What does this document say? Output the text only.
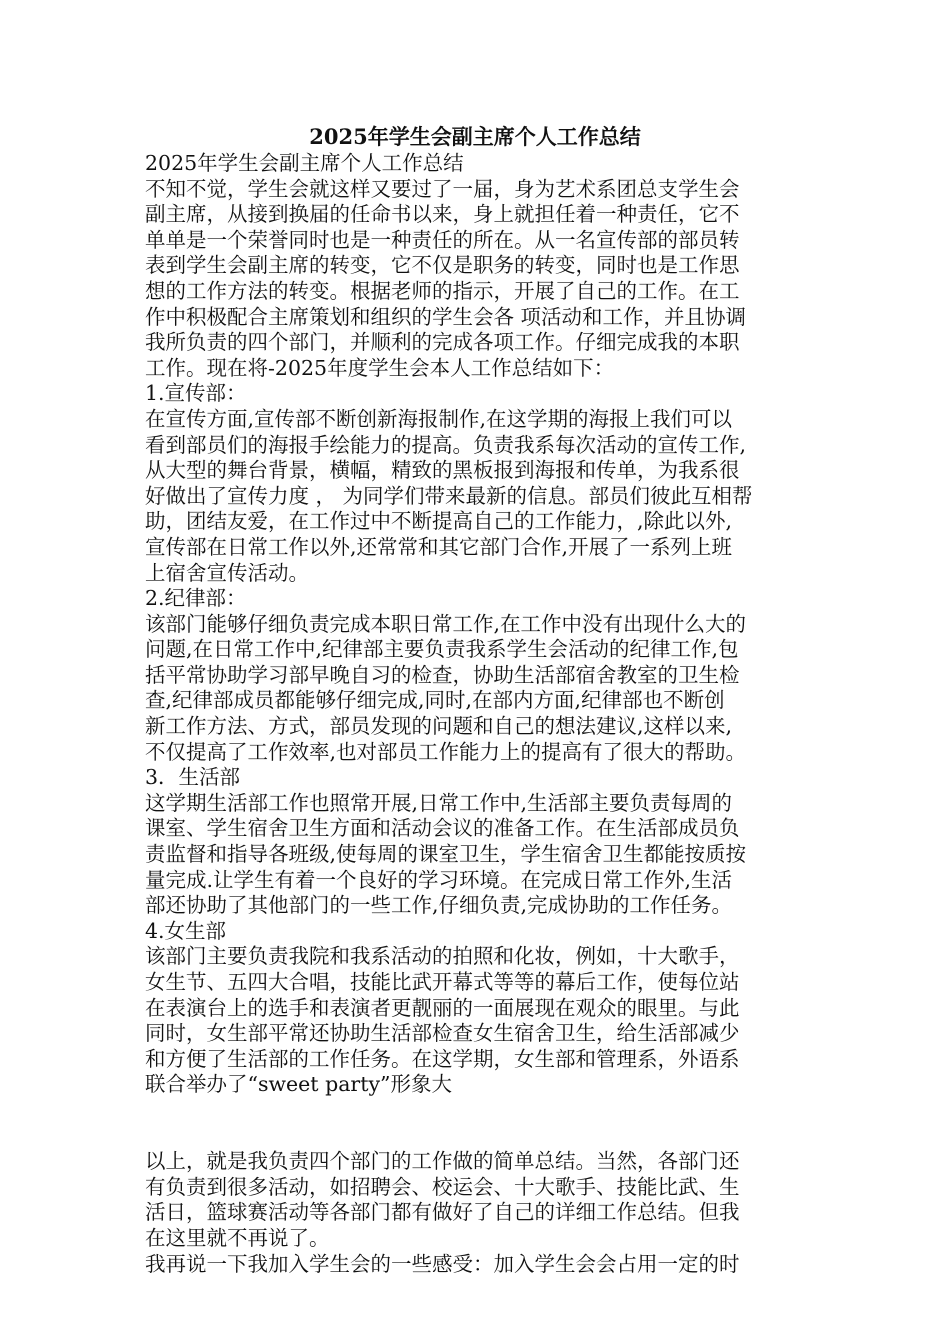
2025年学生会副主席个人工作总结
2025年学生会副主席个人工作总结
不知不觉，学生会就这样又要过了一届，身为艺术系团总支学生会
副主席，从接到换届的任命书以来，身上就担任着一种责任，它不
单单是一个荣誉同时也是一种责任的所在。从一名宣传部的部员转
表到学生会副主席的转变，它不仅是职务的转变，同时也是工作思
想的工作方法的转变。根据老师的指示，开展了自己的工作。在工
作中积极配合主席策划和组织的学生会各 项活动和工作，并且协调
我所负责的四个部门，并顺利的完成各项工作。仔细完成我的本职
工作。现在将-2025年度学生会本人工作总结如下：
1.宣传部：
在宣传方面,宣传部不断创新海报制作,在这学期的海报上我们可以
看到部员们的海报手绘能力的提高。负责我系每次活动的宣传工作,
从大型的舞台背景，横幅，精致的黑板报到海报和传单，为我系很
好做出了宣传力度 ， 为同学们带来最新的信息。部员们彼此互相帮
助，团结友爱，在工作过中不断提高自己的工作能力，,除此以外,
宣传部在日常工作以外,还常常和其它部门合作,开展了一系列上班
上宿舍宣传活动。
2.纪律部：
该部门能够仔细负责完成本职日常工作,在工作中没有出现什么大的
问题,在日常工作中,纪律部主要负责我系学生会活动的纪律工作,包
括平常协助学习部早晚自习的检查，协助生活部宿舍教室的卫生检
查,纪律部成员都能够仔细完成,同时,在部内方面,纪律部也不断创
新工作方法、方式，部员发现的问题和自己的想法建议,这样以来,
不仅提高了工作效率,也对部员工作能力上的提高有了很大的帮助。
3．生活部
这学期生活部工作也照常开展,日常工作中,生活部主要负责每周的
课室、学生宿舍卫生方面和活动会议的准备工作。在生活部成员负
责监督和指导各班级,使每周的课室卫生，学生宿舍卫生都能按质按
量完成.让学生有着一个良好的学习环境。在完成日常工作外,生活
部还协助了其他部门的一些工作,仔细负责,完成协助的工作任务。
4.女生部
该部门主要负责我院和我系活动的拍照和化妆，例如，十大歌手，
女生节、五四大合唱，技能比武开幕式等等的幕后工作，使每位站
在表演台上的选手和表演者更靓丽的一面展现在观众的眼里。与此
同时，女生部平常还协助生活部检查女生宿舍卫生，给生活部减少
和方便了生活部的工作任务。在这学期，女生部和管理系，外语系
联合举办了“sweet party”形象大
以上，就是我负责四个部门的工作做的简单总结。当然，各部门还
有负责到很多活动，如招聘会、校运会、十大歌手、技能比武、生
活日，篮球赛活动等各部门都有做好了自己的详细工作总结。但我
在这里就不再说了。
我再说一下我加入学生会的一些感受：加入学生会会占用一定的时
